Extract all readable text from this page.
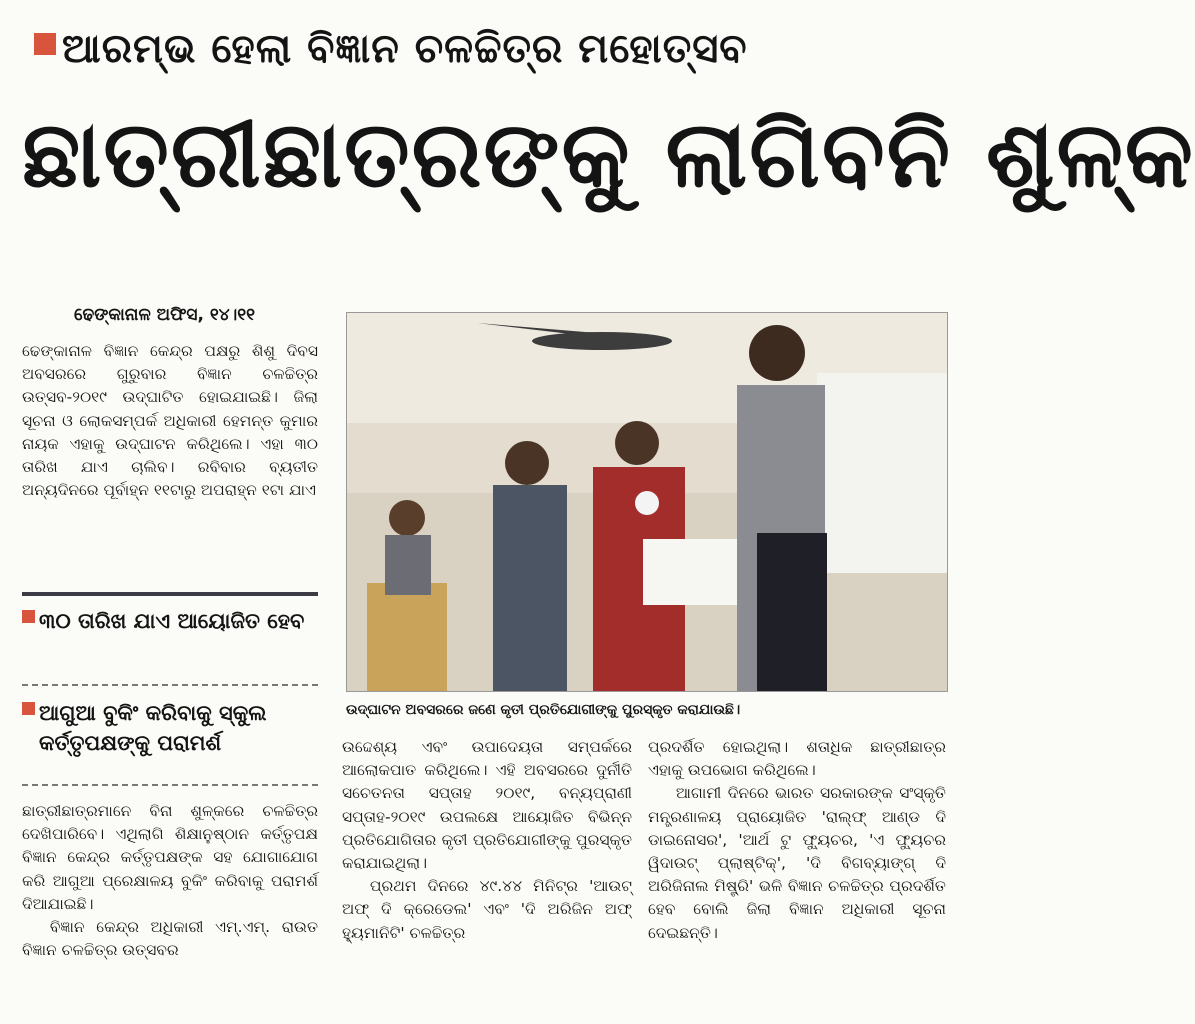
ଆରମ୍ଭ ହେଲା ବିଜ୍ଞାନ ଚଳଚ୍ଚିତ୍ର ମହୋତ୍ସବ
ଛାତ୍ରୀଛାତ୍ରଙ୍କୁ ଲାଗିବନି ଶୁଳ୍କ
ଢେଙ୍କାନାଳ ଅଫିସ, ୧୪।୧୧
ଢେଙ୍କାନାଳ ବିଜ୍ଞାନ କେନ୍ଦ୍ର ପକ୍ଷରୁ ଶିଶୁ ଦିବସ ଅବସରରେ ଗୁରୁବାର ବିଜ୍ଞାନ ଚଳଚ୍ଚିତ୍ର ଉତ୍ସବ-୨୦୧୯ ଉଦ୍‌ଘାଟିତ ହୋଇଯାଇଛି। ଜିଲା ସୂଚନା ଓ ଲୋକସମ୍ପର୍କ ଅଧିକାରୀ ହେମନ୍ତ କୁମାର ନାୟକ ଏହାକୁ ଉଦ୍‌ଘାଟନ କରିଥିଲେ। ଏହା ୩୦ ତାରିଖ ଯାଏ ଚାଲିବ। ରବିବାର ବ୍ୟତୀତ ଅନ୍ୟଦିନରେ ପୂର୍ବାହ୍ନ ୧୧ଟାରୁ ଅପରାହ୍ନ ୧ଟା ଯାଏ
୩୦ ତାରିଖ ଯାଏ ଆୟୋଜିତ ହେବ
ଆଗୁଆ ବୁକିଂ କରିବାକୁ ସ୍କୁଲ କର୍ତ୍ତୃପକ୍ଷଙ୍କୁ ପରାମର୍ଶ
ଛାତ୍ରୀଛାତ୍ରମାନେ ବିନା ଶୁଳ୍କରେ ଚଳଚ୍ଚିତ୍ର ଦେଖିପାରିବେ। ଏଥିଲାଗି ଶିକ୍ଷାନୁଷ୍ଠାନ କର୍ତ୍ତୃପକ୍ଷ ବିଜ୍ଞାନ କେନ୍ଦ୍ର କର୍ତ୍ତୃପକ୍ଷଙ୍କ ସହ ଯୋଗାଯୋଗ କରି ଆଗୁଆ ପ୍ରେକ୍ଷାଳୟ ବୁକିଂ କରିବାକୁ ପରାମର୍ଶ ଦିଆଯାଇଛି।
ବିଜ୍ଞାନ କେନ୍ଦ୍ର ଅଧିକାରୀ ଏମ୍.ଏମ୍. ରାଉତ ବିଜ୍ଞାନ ଚଳଚ୍ଚିତ୍ର ଉତ୍ସବର
ଉଦ୍‌ଘାଟନ ଅବସରରେ ଜଣେ କୃତୀ ପ୍ରତିଯୋଗୀଙ୍କୁ ପୁରସ୍କୃତ କରାଯାଉଛି।
ଉଦ୍ଦେଶ୍ୟ ଏବଂ ଉପାଦେୟତା ସମ୍ପର୍କରେ ଆଲୋକପାତ କରିଥିଲେ। ଏହି ଅବସରରେ ଦୁର୍ନୀତି ସଚେତନତା ସପ୍ତାହ ୨୦୧୯, ବନ୍ୟପ୍ରାଣୀ ସପ୍ତାହ-୨୦୧୯ ଉପଲକ୍ଷେ ଆୟୋଜିତ ବିଭିନ୍ନ ପ୍ରତିଯୋଗିତାର କୃତୀ ପ୍ରତିଯୋଗୀଙ୍କୁ ପୁରସ୍କୃତ କରାଯାଇଥିଲା।
ପ୍ରଥମ ଦିନରେ ୪୯.୪୪ ମିନିଟ୍‌ର 'ଆଉଟ୍ ଅଫ୍ ଦି କ୍ରେଡେଲ' ଏବଂ 'ଦି ଅରିଜିନ ଅଫ୍ ହ୍ୟୁମାନିଟି' ଚଳଚ୍ଚିତ୍ର
ପ୍ରଦର୍ଶିତ ହୋଇଥିଲା। ଶତାଧିକ ଛାତ୍ରୀଛାତ୍ର ଏହାକୁ ଉପଭୋଗ କରିଥିଲେ।
ଆଗାମୀ ଦିନରେ ଭାରତ ସରକାରଙ୍କ ସଂସ୍କୃତି ମନ୍ତ୍ରଣାଳୟ ପ୍ରାୟୋଜିତ 'ରାଲ୍ଫ୍ ଆଣ୍ଡ ଦି ଡାଇନୋସର', 'ଆର୍ଥ ଟୁ ଫ୍ୟୁଚର, 'ଏ ଫ୍ୟୁଚର ୱିଦାଉଟ୍ ପ୍ଲାଷ୍ଟିକ୍', 'ଦି ବିଗବ୍ୟାଙ୍ଗ୍ ଦି ଅରିଜିନାଲ ମିଷ୍ଟ୍ରି' ଭଳି ବିଜ୍ଞାନ ଚଳଚ୍ଚିତ୍ର ପ୍ରଦର୍ଶିତ ହେବ ବୋଲି ଜିଲା ବିଜ୍ଞାନ ଅଧିକାରୀ ସୂଚନା ଦେଇଛନ୍ତି।
